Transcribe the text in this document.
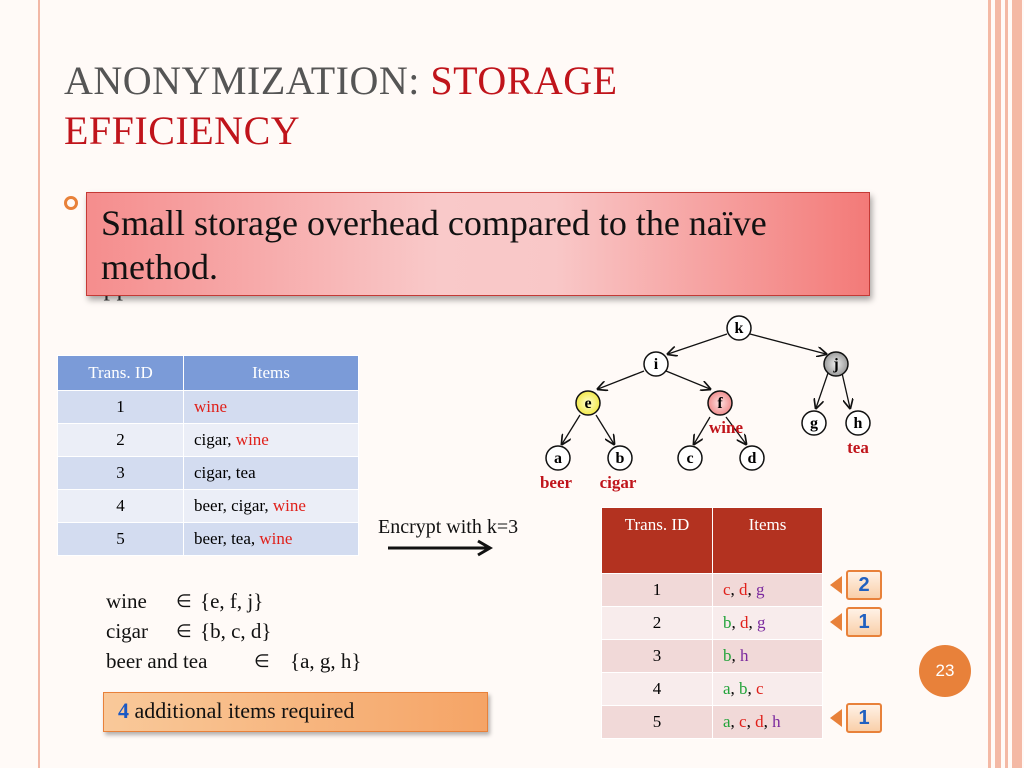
ANONYMIZATION: STORAGE EFFICIENCY
Small storage overhead compared to the naïve method.
Trans. ID	Items
1	wine
2	cigar, wine
3	cigar, tea
4	beer, cigar, wine
5	beer, tea, wine
Encrypt with k=3	Trans. ID	Items
1	c, d, g
2	b, d, g
3	b, h
4	a, b, c
5	a, c, d, h
2
1
1
wine ∈ {e, f, j}
cigar ∈ {b, c, d}
beer and tea	∈ {a, g, h}
4 additional items required
23
k
i	j
e	f
g h
a	b	c	d
wine
tea
beer cigar
